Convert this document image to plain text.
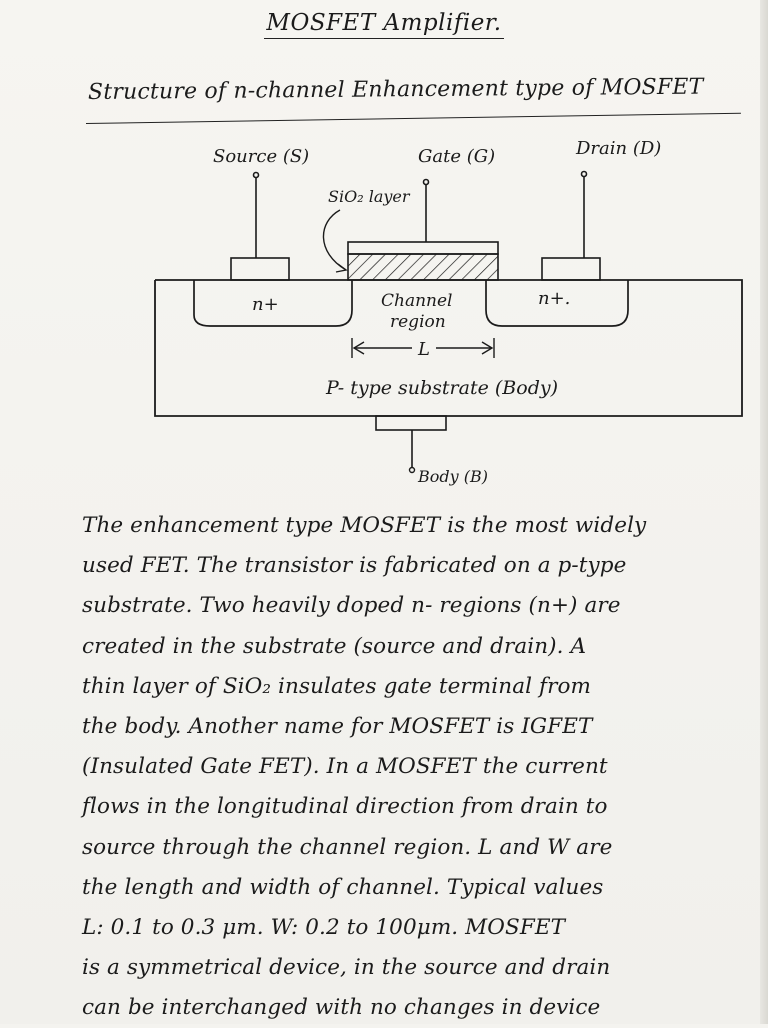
MOSFET Amplifier.
Structure of n-channel Enhancement type of MOSFET
Source (S)	Gate (G)	Drain (D)
SiO₂ layer
n+	n+.
Channel
region
L
P- type substrate (Body)
Body (B)
The enhancement type MOSFET is the most widely
used FET. The transistor is fabricated on a p-type
substrate. Two heavily doped n- regions (n+) are
created in the substrate (source and drain). A
thin layer of SiO₂ insulates gate terminal from
the body. Another name for MOSFET is IGFET
(Insulated Gate FET). In a MOSFET the current
flows in the longitudinal direction from drain to
source through the channel region. L and W are
the length and width of channel. Typical values
L: 0.1 to 0.3 μm. W: 0.2 to 100μm. MOSFET
is a symmetrical device, in the source and drain
can be interchanged with no changes in device
